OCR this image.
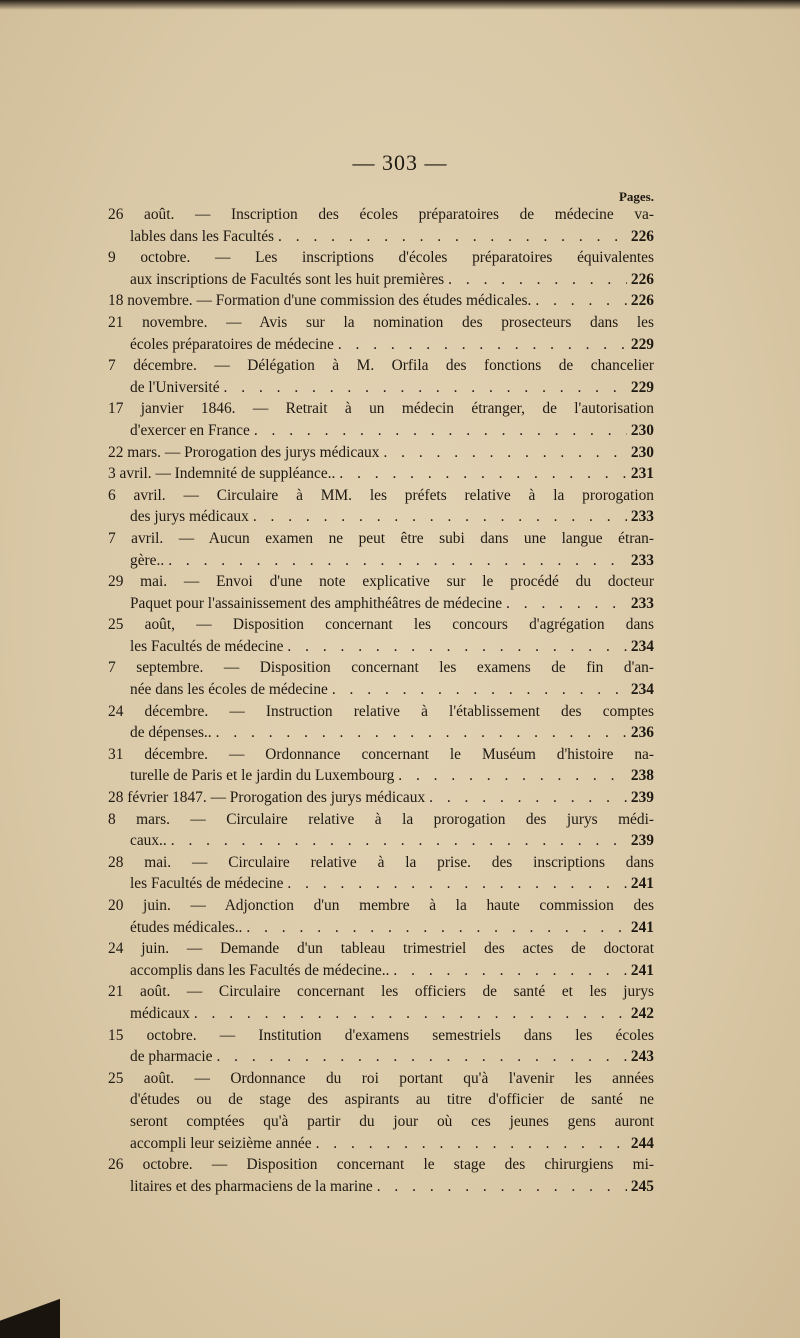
— 303 —
Pages.
26 août. — Inscription des écoles préparatoires de médecine va-
lables dans les Facultés . . .	226
9 octobre. — Les inscriptions d'écoles préparatoires équivalentes
aux inscriptions de Facultés sont les huit premières . . .	226
18 novembre. — Formation d'une commission des études médicales. . . .	226
21 novembre. — Avis sur la nomination des prosecteurs dans les
écoles préparatoires de médecine . . .	229
7 décembre. — Délégation à M. Orfila des fonctions de chancelier
de l'Université . . .	229
17 janvier 1846. — Retrait à un médecin étranger, de l'autorisation
d'exercer en France . . .	230
22 mars. — Prorogation des jurys médicaux . . .	230
3 avril. — Indemnité de suppléance.. . . .	231
6 avril. — Circulaire à MM. les préfets relative à la prorogation
des jurys médicaux . . .	233
7 avril. — Aucun examen ne peut être subi dans une langue étran-
gère.. . . .	233
29 mai. — Envoi d'une note explicative sur le procédé du docteur
Paquet pour l'assainissement des amphithéâtres de médecine . . .	233
25 août, — Disposition concernant les concours d'agrégation dans
les Facultés de médecine . . .	234
7 septembre. — Disposition concernant les examens de fin d'an-
née dans les écoles de médecine . . .	234
24 décembre. — Instruction relative à l'établissement des comptes
de dépenses.. . . .	236
31 décembre. — Ordonnance concernant le Muséum d'histoire na-
turelle de Paris et le jardin du Luxembourg . . .	238
28 février 1847. — Prorogation des jurys médicaux . . .	239
8 mars. — Circulaire relative à la prorogation des jurys médi-
caux.. . . .	239
28 mai. — Circulaire relative à la prise. des inscriptions dans
les Facultés de médecine . . .	241
20 juin. — Adjonction d'un membre à la haute commission des
études médicales.. . . .	241
24 juin. — Demande d'un tableau trimestriel des actes de doctorat
accomplis dans les Facultés de médecine.. . . .	241
21 août. — Circulaire concernant les officiers de santé et les jurys
médicaux . . .	242
15 octobre. — Institution d'examens semestriels dans les écoles
de pharmacie . . .	243
25 août. — Ordonnance du roi portant qu'à l'avenir les années
d'études ou de stage des aspirants au titre d'officier de santé ne
seront comptées qu'à partir du jour où ces jeunes gens auront
accompli leur seizième année . . .	244
26 octobre. — Disposition concernant le stage des chirurgiens mi-
litaires et des pharmaciens de la marine . . .	245
